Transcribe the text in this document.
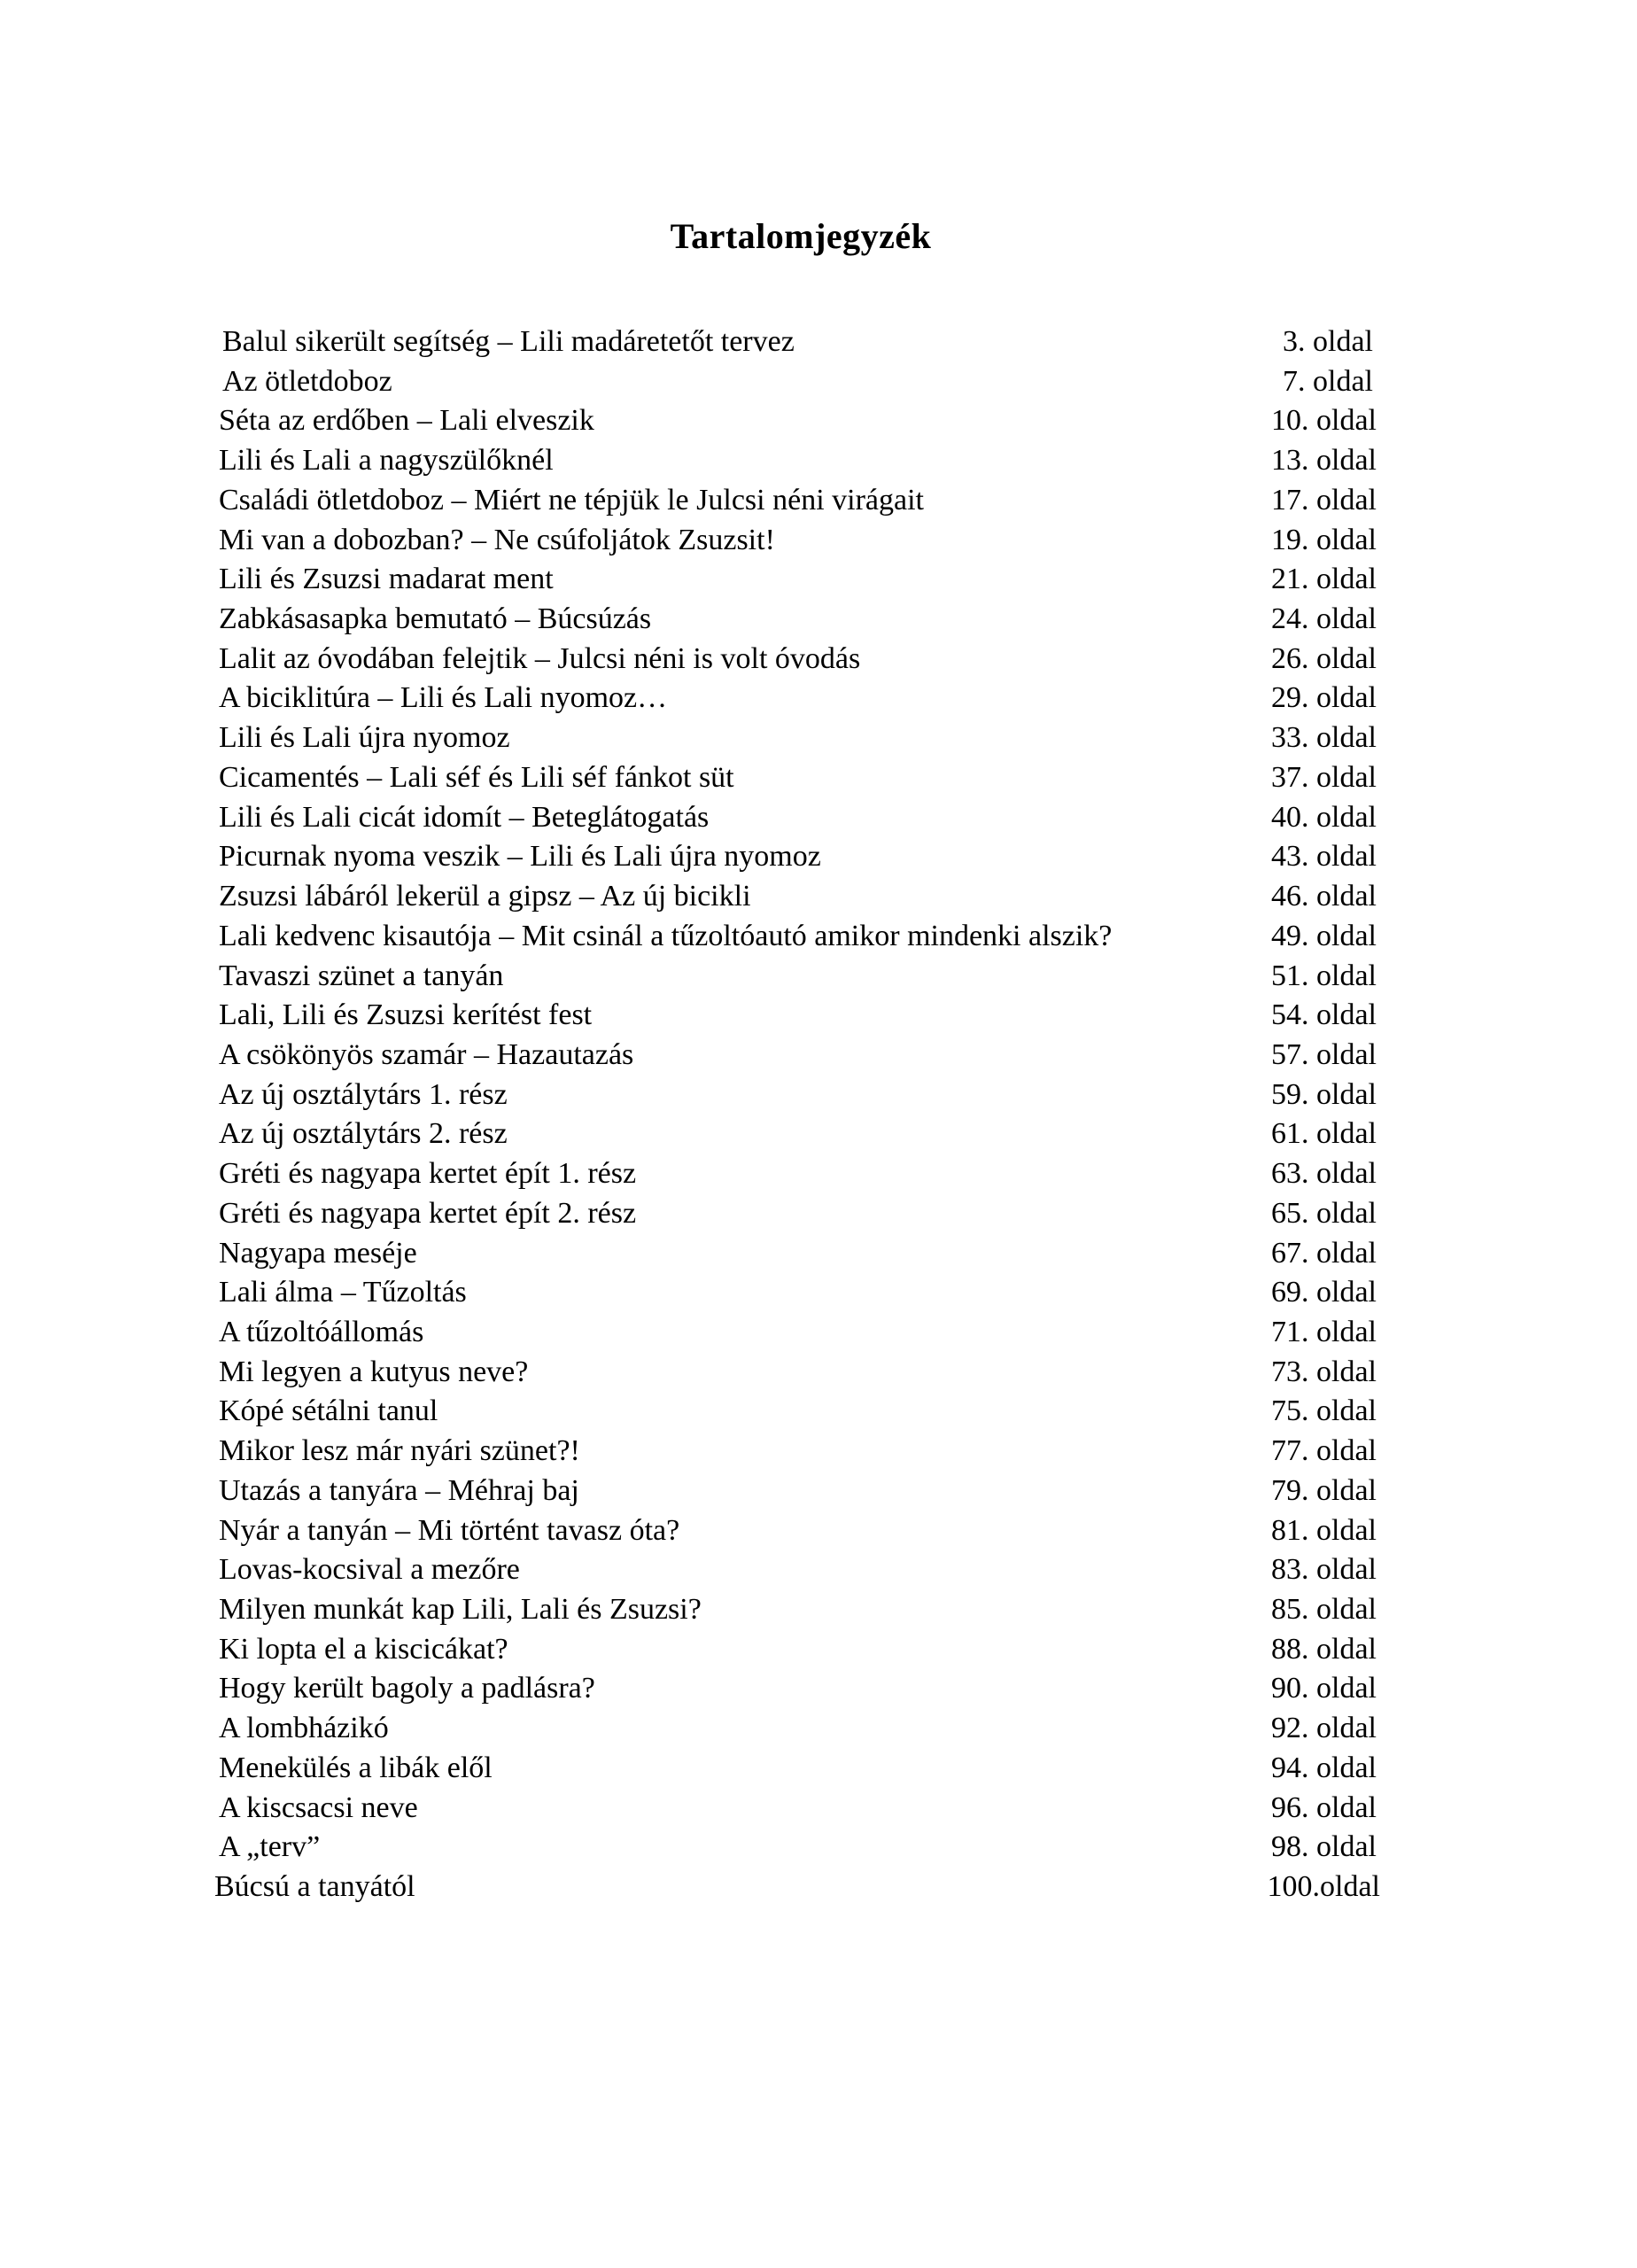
Tartalomjegyzék
Balul sikerült segítség – Lili madáretetőt tervez	3. oldal
Az ötletdoboz	7. oldal
Séta az erdőben – Lali elveszik	10. oldal
Lili és Lali a nagyszülőknél	13. oldal
Családi ötletdoboz – Miért ne tépjük le Julcsi néni virágait	17. oldal
Mi van a dobozban? – Ne csúfoljátok Zsuzsit!	19. oldal
Lili és Zsuzsi madarat ment	21. oldal
Zabkásasapka bemutató – Búcsúzás	24. oldal
Lalit az óvodában felejtik – Julcsi néni is volt óvodás	26. oldal
A biciklitúra – Lili és Lali nyomoz…	29. oldal
Lili és Lali újra nyomoz	33. oldal
Cicamentés – Lali séf és Lili séf fánkot süt	37. oldal
Lili és Lali cicát idomít – Beteglátogatás	40. oldal
Picurnak nyoma veszik – Lili és Lali újra nyomoz	43. oldal
Zsuzsi lábáról lekerül a gipsz – Az új bicikli	46. oldal
Lali kedvenc kisautója – Mit csinál a tűzoltóautó amikor mindenki alszik?	49. oldal
Tavaszi szünet a tanyán	51. oldal
Lali, Lili és Zsuzsi kerítést fest	54. oldal
A csökönyös szamár – Hazautazás	57. oldal
Az új osztálytárs 1. rész	59. oldal
Az új osztálytárs 2. rész	61. oldal
Gréti és nagyapa kertet épít 1. rész	63. oldal
Gréti és nagyapa kertet épít 2. rész	65. oldal
Nagyapa meséje	67. oldal
Lali álma – Tűzoltás	69. oldal
A tűzoltóállomás	71. oldal
Mi legyen a kutyus neve?	73. oldal
Kópé sétálni tanul	75. oldal
Mikor lesz már nyári szünet?!	77. oldal
Utazás a tanyára – Méhraj baj	79. oldal
Nyár a tanyán – Mi történt tavasz óta?	81. oldal
Lovas-kocsival a mezőre	83. oldal
Milyen munkát kap Lili, Lali és Zsuzsi?	85. oldal
Ki lopta el a kiscicákat?	88. oldal
Hogy került bagoly a padlásra?	90. oldal
A lombházikó	92. oldal
Menekülés a libák elől	94. oldal
A kiscsacsi neve	96. oldal
A „terv”	98. oldal
Búcsú a tanyától	100.oldal
